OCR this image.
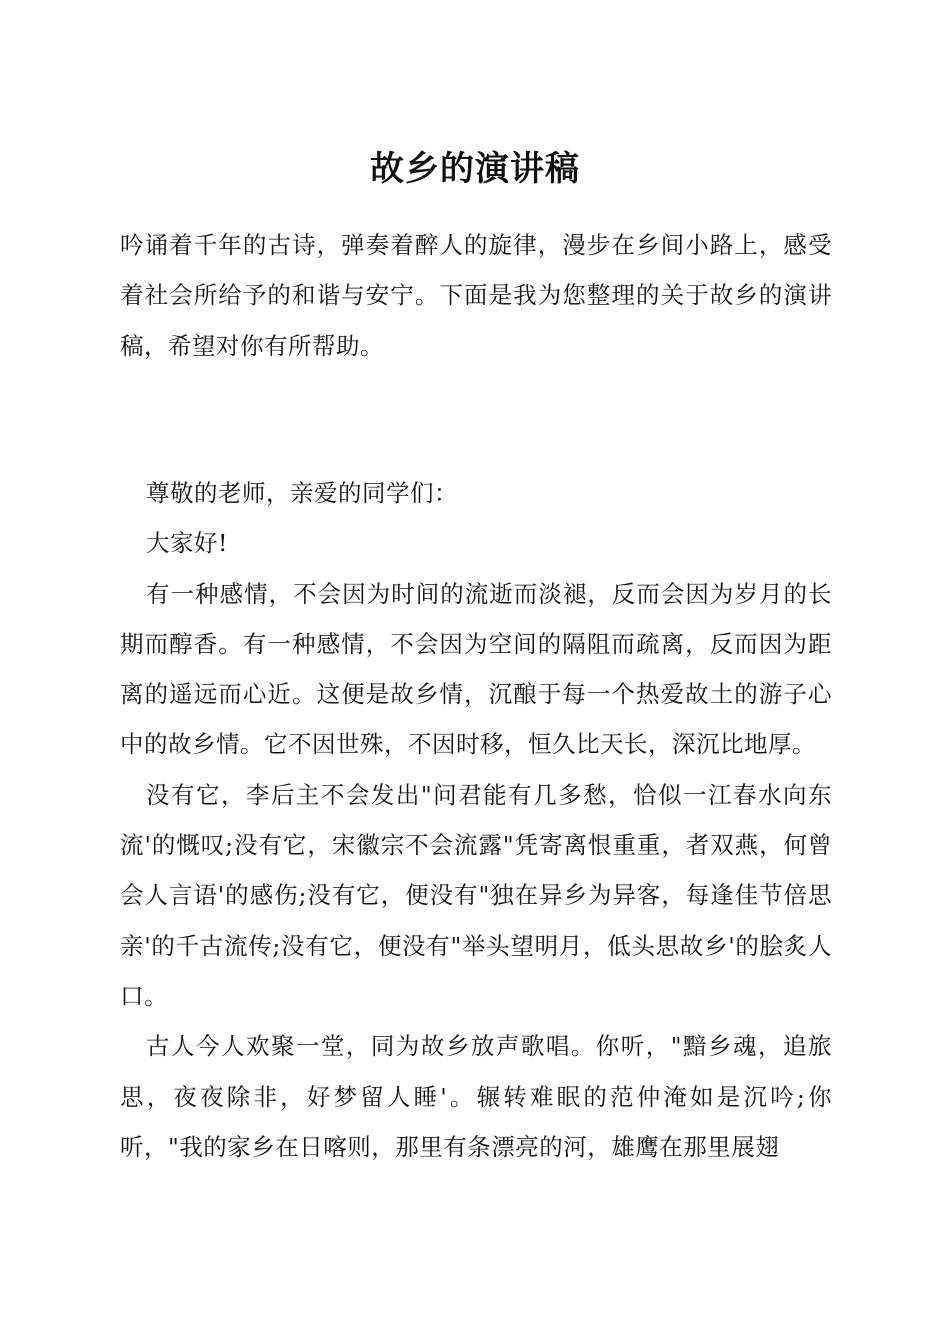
故乡的演讲稿

吟诵着千年的古诗，弹奏着醉人的旋律，漫步在乡间小路上，感受着社会所给予的和谐与安宁。下面是我为您整理的关于故乡的演讲稿，希望对你有所帮助。

尊敬的老师，亲爱的同学们：

大家好!

有一种感情，不会因为时间的流逝而淡褪，反而会因为岁月的长期而醇香。有一种感情，不会因为空间的隔阻而疏离，反而因为距离的遥远而心近。这便是故乡情，沉酿于每一个热爱故土的游子心中的故乡情。它不因世殊，不因时移，恒久比天长，深沉比地厚。

没有它，李后主不会发出"问君能有几多愁，恰似一江春水向东流'的慨叹;没有它，宋徽宗不会流露"凭寄离恨重重，者双燕，何曾会人言语'的感伤;没有它，便没有"独在异乡为异客，每逢佳节倍思亲'的千古流传;没有它，便没有"举头望明月，低头思故乡'的脍炙人口。

古人今人欢聚一堂，同为故乡放声歌唱。你听，"黯乡魂，追旅思，夜夜除非，好梦留人睡'。辗转难眠的范仲淹如是沉吟;你听，"我的家乡在日喀则，那里有条漂亮的河，雄鹰在那里展翅
